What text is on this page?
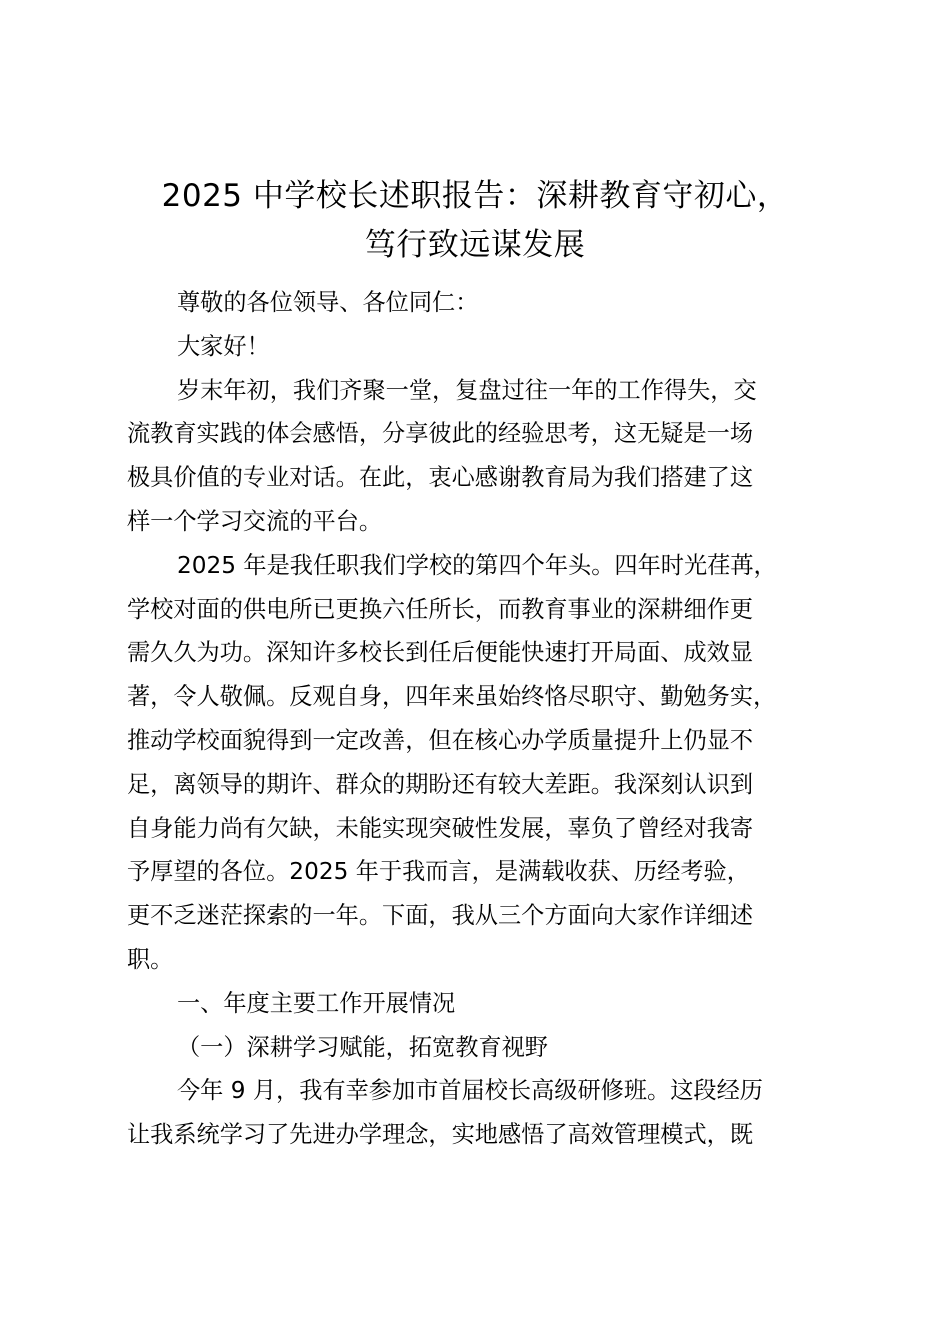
2025 中学校长述职报告：深耕教育守初心，
笃行致远谋发展

尊敬的各位领导、各位同仁：

大家好！

岁末年初，我们齐聚一堂，复盘过往一年的工作得失，交

流教育实践的体会感悟，分享彼此的经验思考，这无疑是一场

极具价值的专业对话。在此，衷心感谢教育局为我们搭建了这

样一个学习交流的平台。

2025 年是我任职我们学校的第四个年头。四年时光荏苒，

学校对面的供电所已更换六任所长，而教育事业的深耕细作更

需久久为功。深知许多校长到任后便能快速打开局面、成效显

著，令人敬佩。反观自身，四年来虽始终恪尽职守、勤勉务实，

推动学校面貌得到一定改善，但在核心办学质量提升上仍显不

足，离领导的期许、群众的期盼还有较大差距。我深刻认识到

自身能力尚有欠缺，未能实现突破性发展，辜负了曾经对我寄

予厚望的各位。2025 年于我而言，是满载收获、历经考验，

更不乏迷茫探索的一年。下面，我从三个方面向大家作详细述

职。

一、年度主要工作开展情况

（一）深耕学习赋能，拓宽教育视野

今年 9 月，我有幸参加市首届校长高级研修班。这段经历

让我系统学习了先进办学理念，实地感悟了高效管理模式，既
